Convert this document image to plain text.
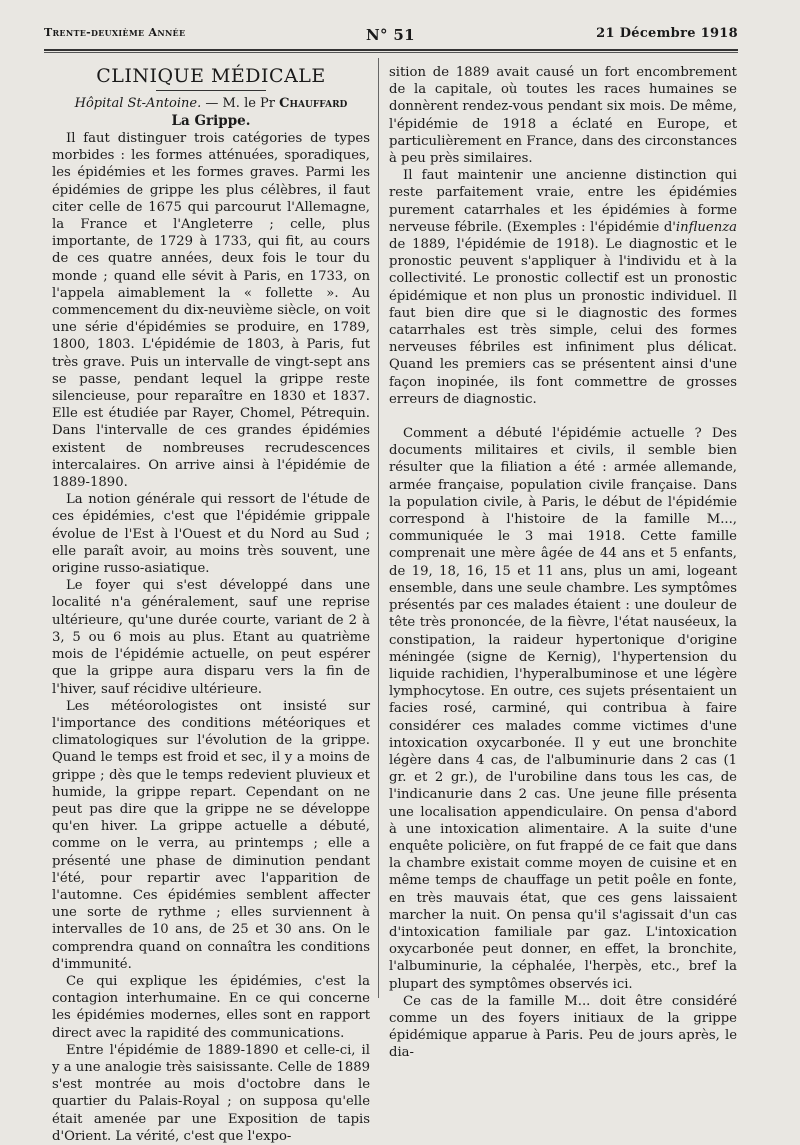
Trente-deuxième Année	N° 51	21 Décembre 1918
CLINIQUE MÉDICALE
Hôpital St-Antoine. — M. le Pr Chauffard
La Grippe.

Il faut distinguer trois catégories de types morbides : les formes atténuées, sporadiques, les épidémies et les formes graves. Parmi les épidémies de grippe les plus célèbres, il faut citer celle de 1675 qui parcourut l'Allemagne, la France et l'Angleterre ; celle, plus importante, de 1729 à 1733, qui fit, au cours de ces quatre années, deux fois le tour du monde ; quand elle sévit à Paris, en 1733, on l'appela aimablement la « follette ». Au commencement du dix-neuvième siècle, on voit une série d'épidémies se produire, en 1789, 1800, 1803. L'épidémie de 1803, à Paris, fut très grave. Puis un intervalle de vingt-sept ans se passe, pendant lequel la grippe reste silencieuse, pour reparaître en 1830 et 1837. Elle est étudiée par Rayer, Chomel, Pétrequin. Dans l'intervalle de ces grandes épidémies existent de nombreuses recrudescences intercalaires. On arrive ainsi à l'épidémie de 1889-1890.

La notion générale qui ressort de l'étude de ces épidémies, c'est que l'épidémie grippale évolue de l'Est à l'Ouest et du Nord au Sud ; elle paraît avoir, au moins très souvent, une origine russo-asiatique.

Le foyer qui s'est développé dans une localité n'a généralement, sauf une reprise ultérieure, qu'une durée courte, variant de 2 à 3, 5 ou 6 mois au plus. Etant au quatrième mois de l'épidémie actuelle, on peut espérer que la grippe aura disparu vers la fin de l'hiver, sauf récidive ultérieure.

Les météorologistes ont insisté sur l'importance des conditions météoriques et climatologiques sur l'évolution de la grippe. Quand le temps est froid et sec, il y a moins de grippe ; dès que le temps redevient pluvieux et humide, la grippe repart. Cependant on ne peut pas dire que la grippe ne se développe qu'en hiver. La grippe actuelle a débuté, comme on le verra, au printemps ; elle a présenté une phase de diminution pendant l'été, pour repartir avec l'apparition de l'automne. Ces épidémies semblent affecter une sorte de rythme ; elles surviennent à intervalles de 10 ans, de 25 et 30 ans. On le comprendra quand on connaîtra les conditions d'immunité.

Ce qui explique les épidémies, c'est la contagion interhumaine. En ce qui concerne les épidémies modernes, elles sont en rapport direct avec la rapidité des communications.

Entre l'épidémie de 1889-1890 et celle-ci, il y a une analogie très saisissante. Celle de 1889 s'est montrée au mois d'octobre dans le quartier du Palais-Royal ; on supposa qu'elle était amenée par une Exposition de tapis d'Orient. La vérité, c'est que l'expo-

sition de 1889 avait causé un fort encombrement de la capitale, où toutes les races humaines se donnèrent rendez-vous pendant six mois. De même, l'épidémie de 1918 a éclaté en Europe, et particulièrement en France, dans des circonstances à peu près similaires.

Il faut maintenir une ancienne distinction qui reste parfaitement vraie, entre les épidémies purement catarrhales et les épidémies à forme nerveuse fébrile. (Exemples : l'épidémie d'influenza de 1889, l'épidémie de 1918). Le diagnostic et le pronostic peuvent s'appliquer à l'individu et à la collectivité. Le pronostic collectif est un pronostic épidémique et non plus un pronostic individuel. Il faut bien dire que si le diagnostic des formes catarrhales est très simple, celui des formes nerveuses fébriles est infiniment plus délicat. Quand les premiers cas se présentent ainsi d'une façon inopinée, ils font commettre de grosses erreurs de diagnostic.

Comment a débuté l'épidémie actuelle ? Des documents militaires et civils, il semble bien résulter que la filiation a été : armée allemande, armée française, population civile française. Dans la population civile, à Paris, le début de l'épidémie correspond à l'histoire de la famille M..., communiquée le 3 mai 1918. Cette famille comprenait une mère âgée de 44 ans et 5 enfants, de 19, 18, 16, 15 et 11 ans, plus un ami, logeant ensemble, dans une seule chambre. Les symptômes présentés par ces malades étaient : une douleur de tête très prononcée, de la fièvre, l'état nauséeux, la constipation, la raideur hypertonique d'origine méningée (signe de Kernig), l'hypertension du liquide rachidien, l'hyperalbuminose et une légère lymphocytose. En outre, ces sujets présentaient un facies rosé, carminé, qui contribua à faire considérer ces malades comme victimes d'une intoxication oxycarbonée. Il y eut une bronchite légère dans 4 cas, de l'albuminurie dans 2 cas (1 gr. et 2 gr.), de l'urobiline dans tous les cas, de l'indicanurie dans 2 cas. Une jeune fille présenta une localisation appendiculaire. On pensa d'abord à une intoxication alimentaire. A la suite d'une enquête policière, on fut frappé de ce fait que dans la chambre existait comme moyen de cuisine et en même temps de chauffage un petit poêle en fonte, en très mauvais état, que ces gens laissaient marcher la nuit. On pensa qu'il s'agissait d'un cas d'intoxication familiale par gaz. L'intoxication oxycarbonée peut donner, en effet, la bronchite, l'albuminurie, la céphalée, l'herpès, etc., bref la plupart des symptômes observés ici.

Ce cas de la famille M... doit être considéré comme un des foyers initiaux de la grippe épidémique apparue à Paris. Peu de jours après, le dia-
